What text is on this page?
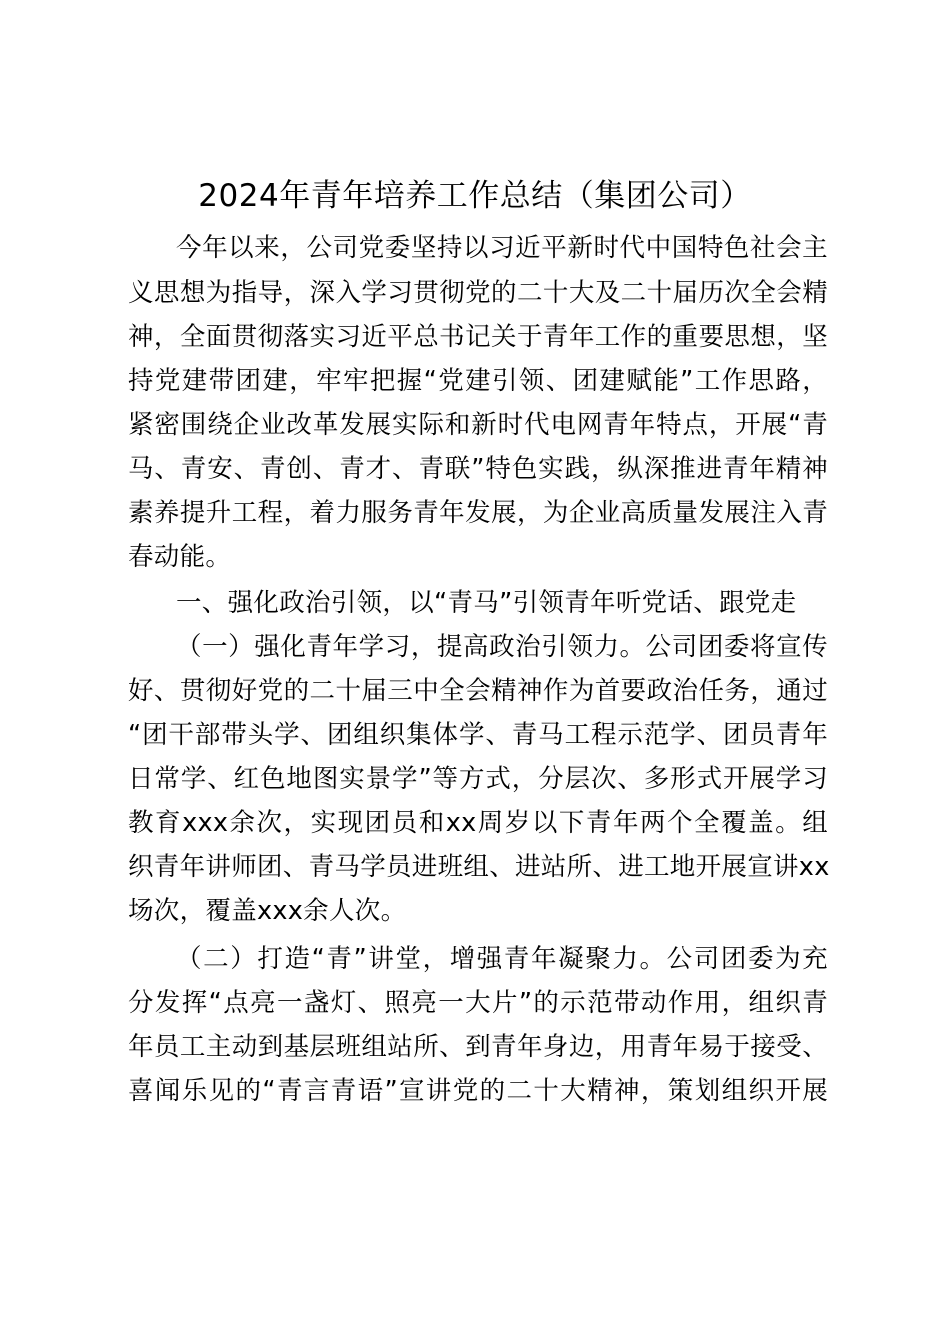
2024年青年培养工作总结（集团公司）
今年以来，公司党委坚持以习近平新时代中国特色社会主
义思想为指导，深入学习贯彻党的二十大及二十届历次全会精
神，全面贯彻落实习近平总书记关于青年工作的重要思想，坚
持党建带团建，牢牢把握“党建引领、团建赋能”工作思路，
紧密围绕企业改革发展实际和新时代电网青年特点，开展“青
马、青安、青创、青才、青联”特色实践，纵深推进青年精神
素养提升工程，着力服务青年发展，为企业高质量发展注入青
春动能。
一、强化政治引领，以“青马”引领青年听党话、跟党走
（一）强化青年学习，提高政治引领力。公司团委将宣传
好、贯彻好党的二十届三中全会精神作为首要政治任务，通过
“团干部带头学、团组织集体学、青马工程示范学、团员青年
日常学、红色地图实景学”等方式，分层次、多形式开展学习
教育xxx余次，实现团员和xx周岁以下青年两个全覆盖。组
织青年讲师团、青马学员进班组、进站所、进工地开展宣讲xx
场次，覆盖xxx余人次。
（二）打造“青”讲堂，增强青年凝聚力。公司团委为充
分发挥“点亮一盏灯、照亮一大片”的示范带动作用，组织青
年员工主动到基层班组站所、到青年身边，用青年易于接受、
喜闻乐见的“青言青语”宣讲党的二十大精神，策划组织开展
